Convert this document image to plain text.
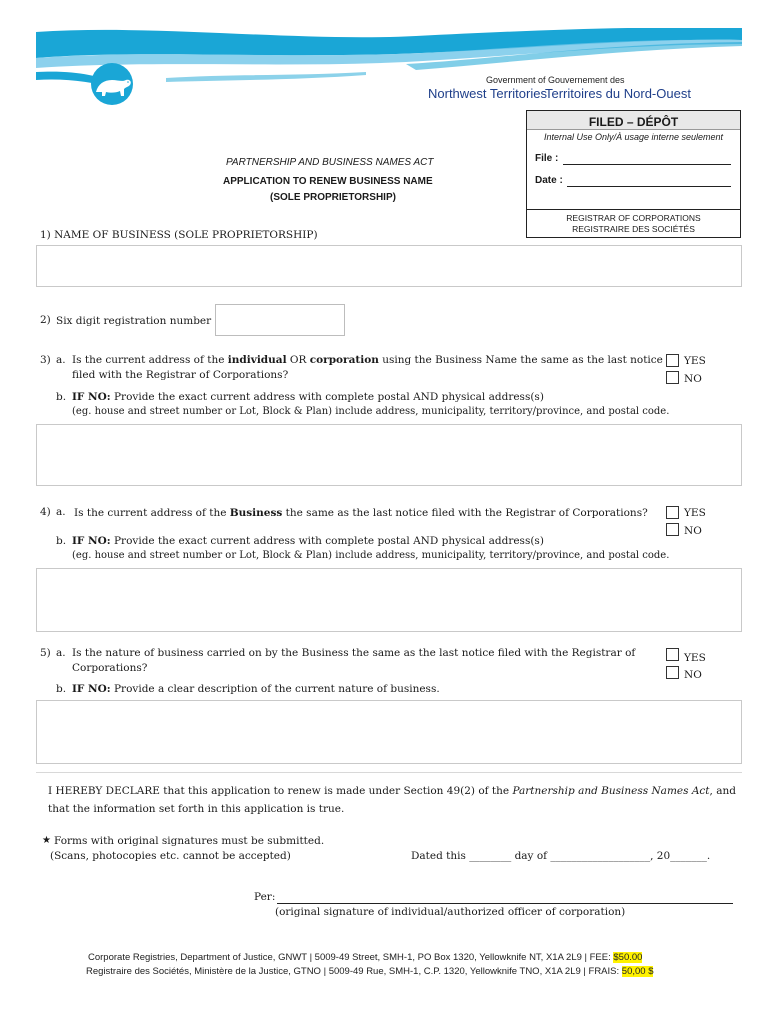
Government of Gouvernement des
Northwest Territories
Territoires du Nord-Ouest
FILED – DÉPÔT
Internal Use Only/À usage interne seulement
File :
Date :
REGISTRAR OF CORPORATIONS
REGISTRAIRE DES SOCIÉTÉS
PARTNERSHIP AND BUSINESS NAMES ACT
APPLICATION TO RENEW BUSINESS NAME
(SOLE PROPRIETORSHIP)
1) NAME OF BUSINESS (SOLE PROPRIETORSHIP)
2) Six digit registration number
3) a. Is the current address of the individual OR corporation using the Business Name the same as the last notice
filed with the Registrar of Corporations?
YES
NO
b. IF NO: Provide the exact current address with complete postal AND physical address(s)
(eg. house and street number or Lot, Block & Plan) include address, municipality, territory/province, and postal code.
4) a. Is the current address of the Business the same as the last notice filed with the Registrar of Corporations?	YES
NO
b. IF NO: Provide the exact current address with complete postal AND physical address(s)
(eg. house and street number or Lot, Block & Plan) include address, municipality, territory/province, and postal code.
5) a. Is the nature of business carried on by the Business the same as the last notice filed with the Registrar of
Corporations?
YES
NO
b. IF NO: Provide a clear description of the current nature of business.
I HEREBY DECLARE that this application to renew is made under Section 49(2) of the Partnership and Business Names Act, and
that the information set forth in this application is true.
★ Forms with original signatures must be submitted.
(Scans, photocopies etc. cannot be accepted)	Dated this ________ day of ___________________, 20_______.
Per:
(original signature of individual/authorized officer of corporation)
Corporate Registries, Department of Justice, GNWT | 5009-49 Street, SMH-1, PO Box 1320, Yellowknife NT, X1A 2L9 | FEE: $50.00
Registraire des Sociétés, Ministère de la Justice, GTNO | 5009-49 Rue, SMH-1, C.P. 1320, Yellowknife TNO, X1A 2L9 | FRAIS: 50,00 $
